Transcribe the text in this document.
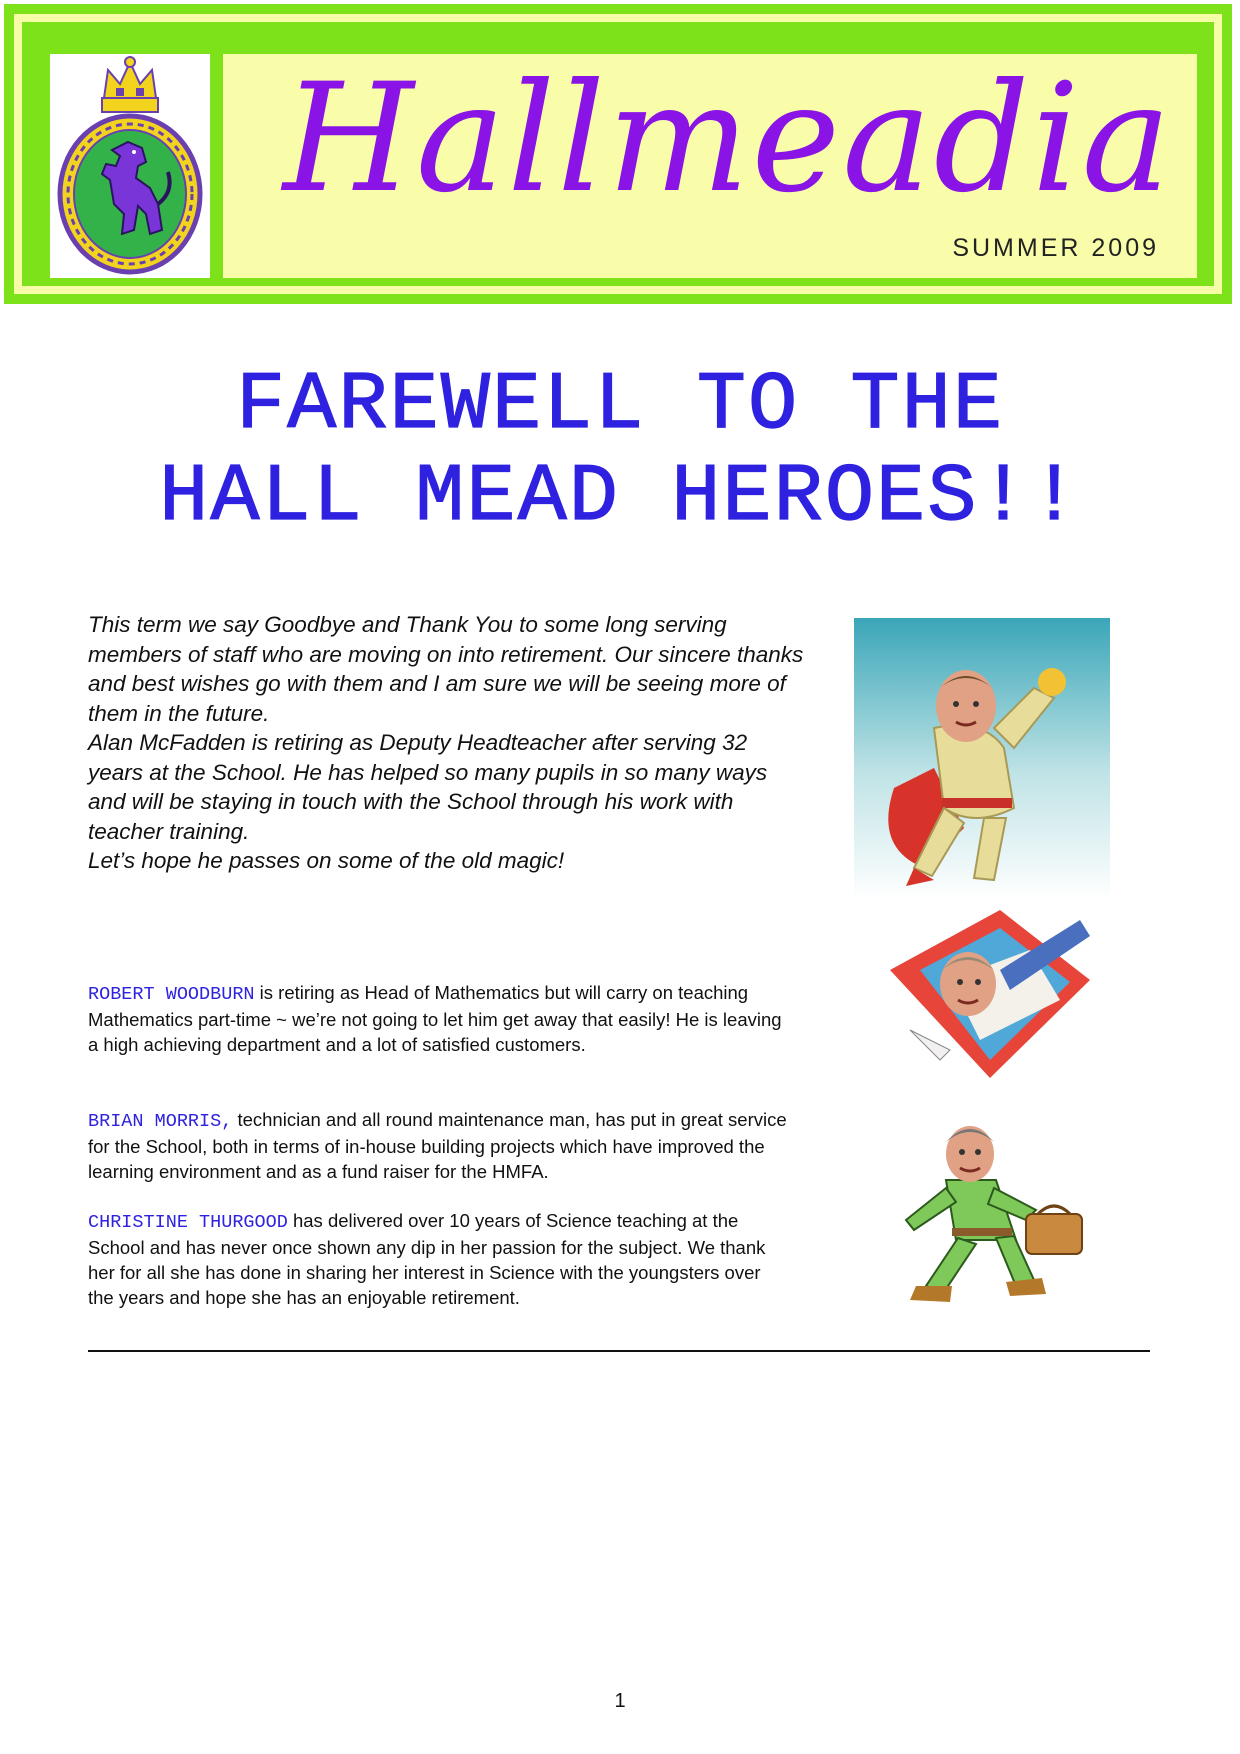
Hallmeadia
SUMMER 2009
FAREWELL TO THE
HALL MEAD HEROES!!

This term we say Goodbye and Thank You to some long serving members of staff who are moving on into retirement. Our sincere thanks and best wishes go with them and I am sure we will be seeing more of them in the future.

Alan McFadden is retiring as Deputy Headteacher after serving 32 years at the School. He has helped so many pupils in so many ways and will be staying in touch with the School through his work with teacher training.

Let’s hope he passes on some of the old magic!

ROBERT WOODBURN is retiring as Head of Mathematics but will carry on teaching Mathematics part-time ~ we’re not going to let him get away that easily! He is leaving a high achieving department and a lot of satisfied customers.

BRIAN MORRIS, technician and all round maintenance man, has put in great service for the School, both in terms of in-house building projects which have improved the learning environment and as a fund raiser for the HMFA.

CHRISTINE THURGOOD has delivered over 10 years of Science teaching at the School and has never once shown any dip in her passion for the subject. We thank her for all she has done in sharing her interest in Science with the youngsters over the years and hope she has an enjoyable retirement.

1
